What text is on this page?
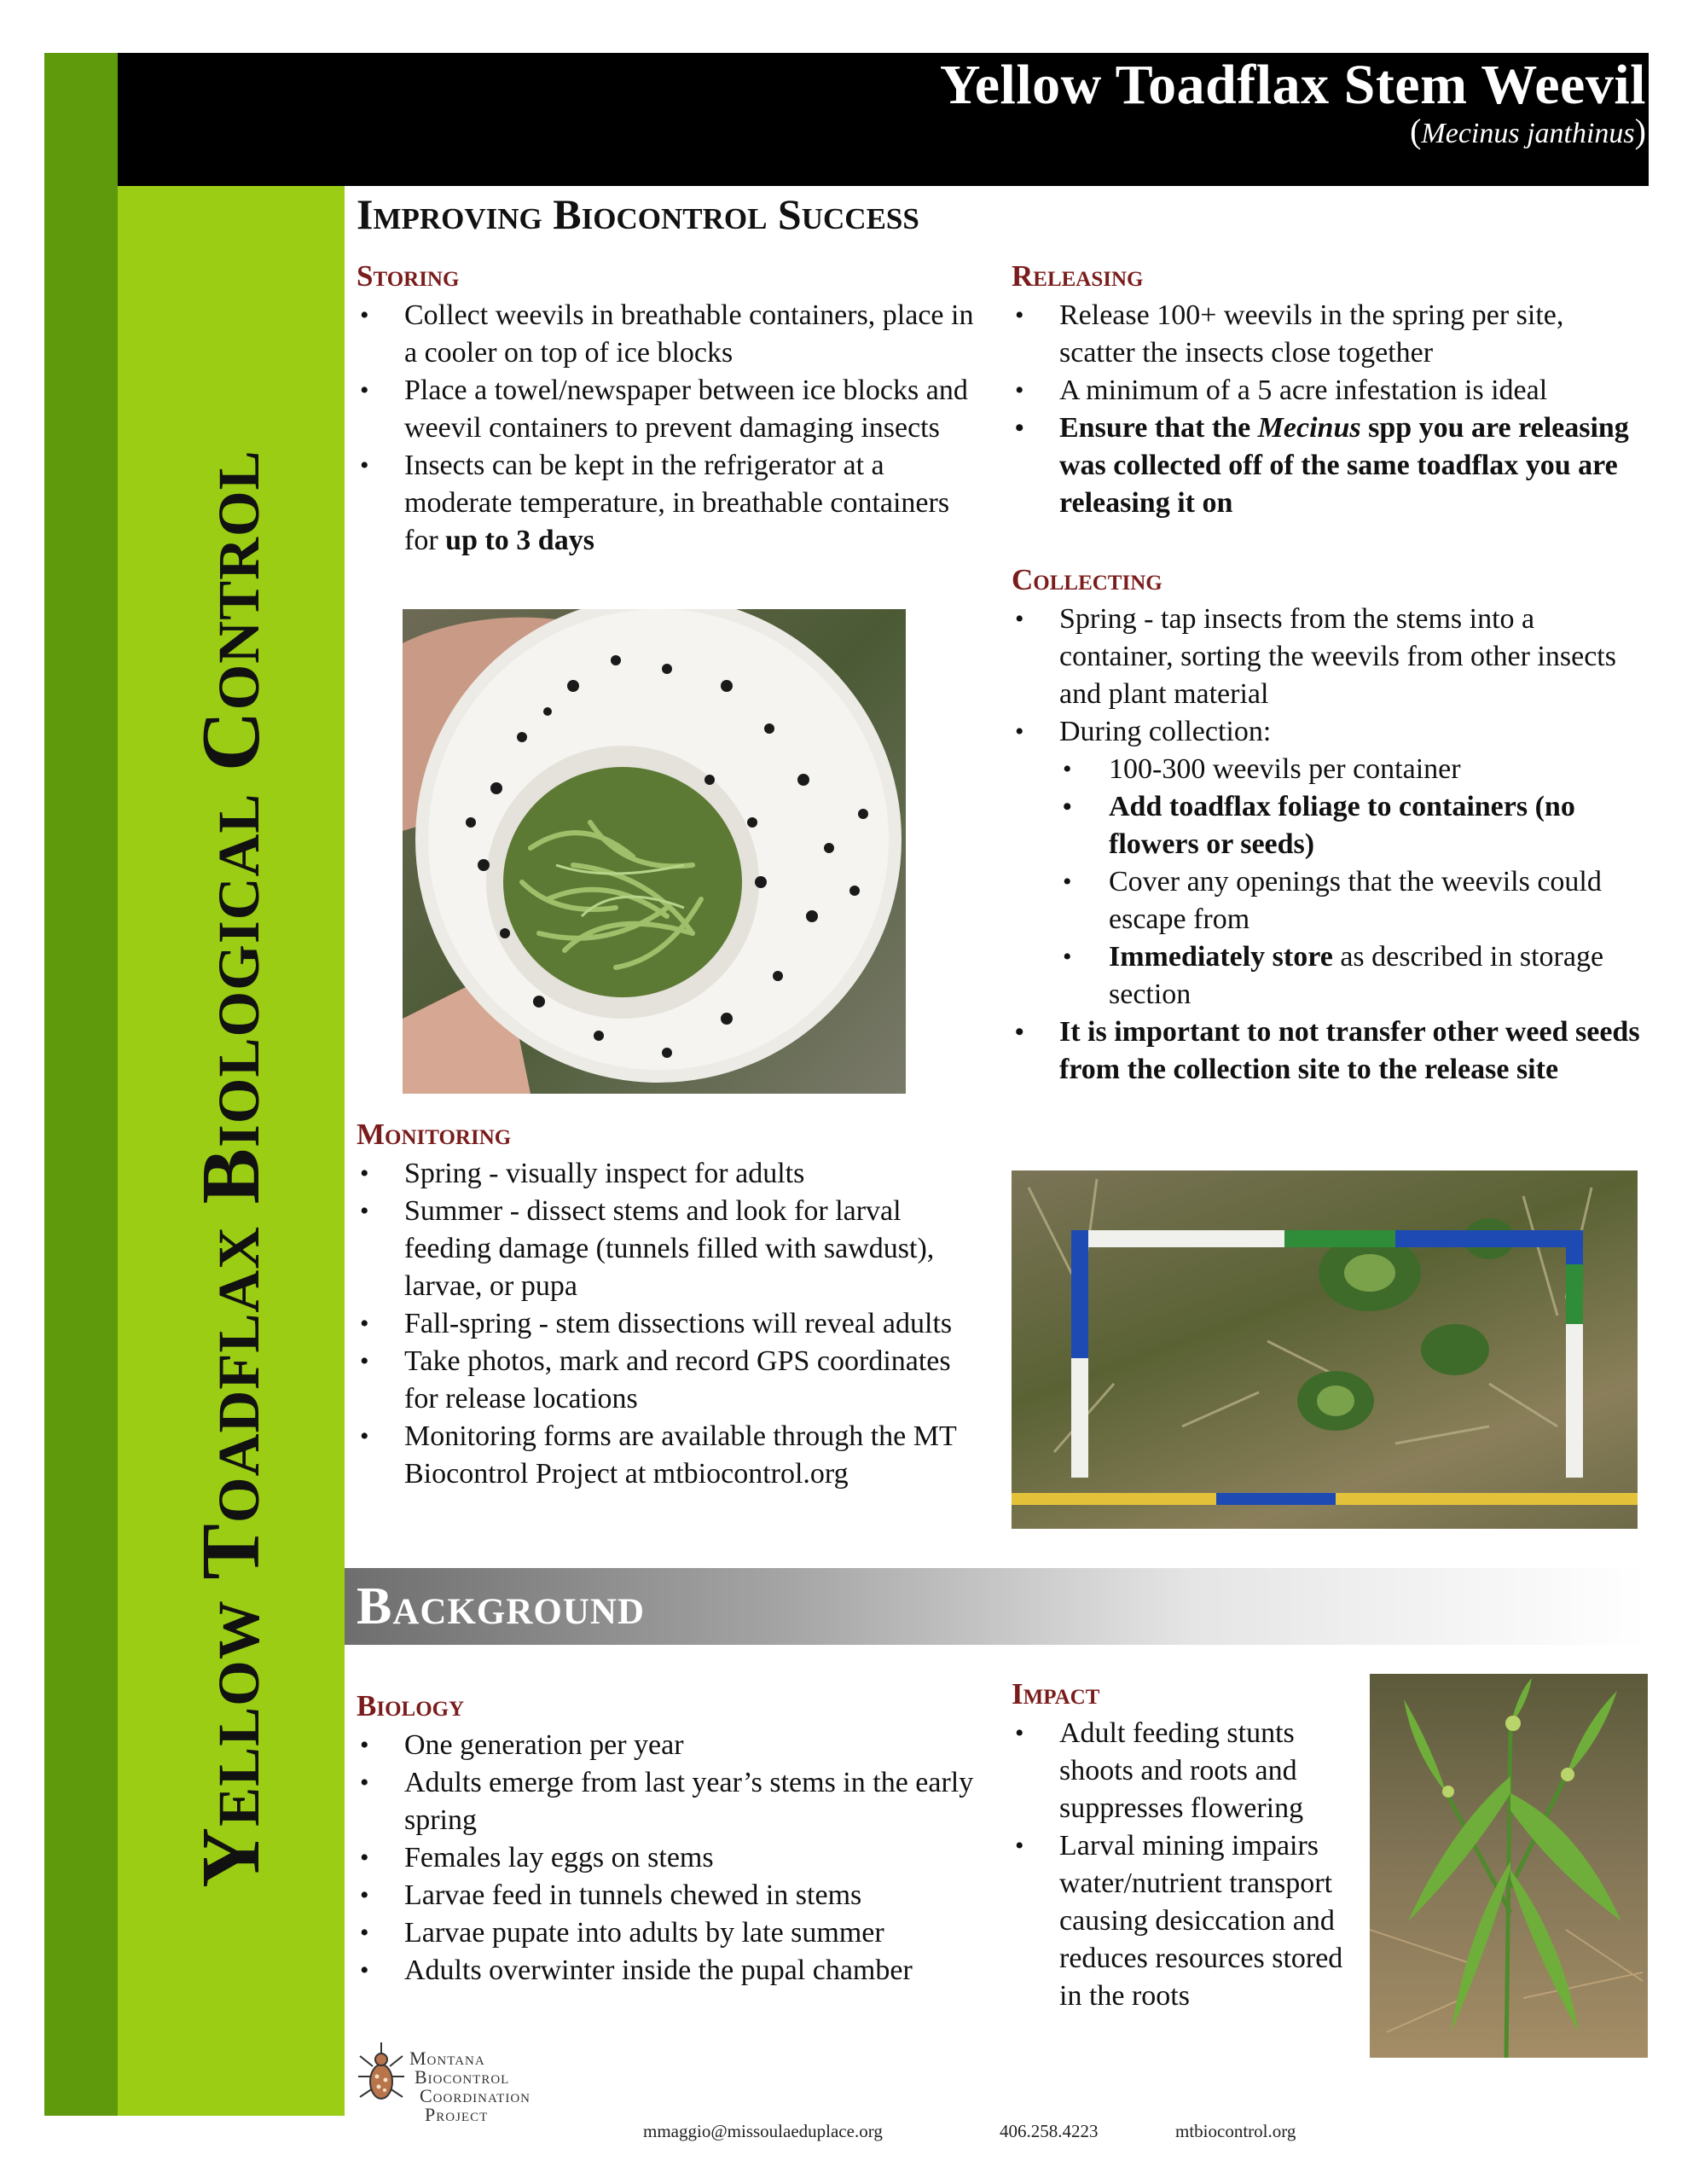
Yellow Toadflax Biological Control
Yellow Toadflax Stem Weevil
(Mecinus janthinus)
Improving Biocontrol Success
Storing
• Collect weevils in breathable containers, place in a cooler on top of ice blocks
• Place a towel/newspaper between ice blocks and weevil containers to prevent damaging insects
• Insects can be kept in the refrigerator at a moderate temperature, in breathable containers for up to 3 days
Releasing
• Release 100+ weevils in the spring per site, scatter the insects close together
• A minimum of a 5 acre infestation is ideal
• Ensure that the Mecinus spp you are releasing was collected off of the same toadflax you are releasing it on
Collecting
• Spring - tap insects from the stems into a container, sorting the weevils from other insects and plant material
• During collection:
• 100-300 weevils per container
• Add toadflax foliage to containers (no flowers or seeds)
• Cover any openings that the weevils could escape from
• Immediately store as described in storage section
• It is important to not transfer other weed seeds from the collection site to the release site
Monitoring
• Spring - visually inspect for adults
• Summer - dissect stems and look for larval feeding damage (tunnels filled with sawdust), larvae, or pupa
• Fall-spring - stem dissections will reveal adults
• Take photos, mark and record GPS coordinates for release locations
• Monitoring forms are available through the MT Biocontrol Project at mtbiocontrol.org
Background
Biology
• One generation per year
• Adults emerge from last year’s stems in the early spring
• Females lay eggs on stems
• Larvae feed in tunnels chewed in stems
• Larvae pupate into adults by late summer
• Adults overwinter inside the pupal chamber
Impact
• Adult feeding stunts shoots and roots and suppresses flowering
• Larval mining impairs water/nutrient transport causing desiccation and reduces resources stored in the roots
Montana
Biocontrol
Coordination
Project
mmaggio@missoulaeduplace.org	406.258.4223	mtbiocontrol.org
